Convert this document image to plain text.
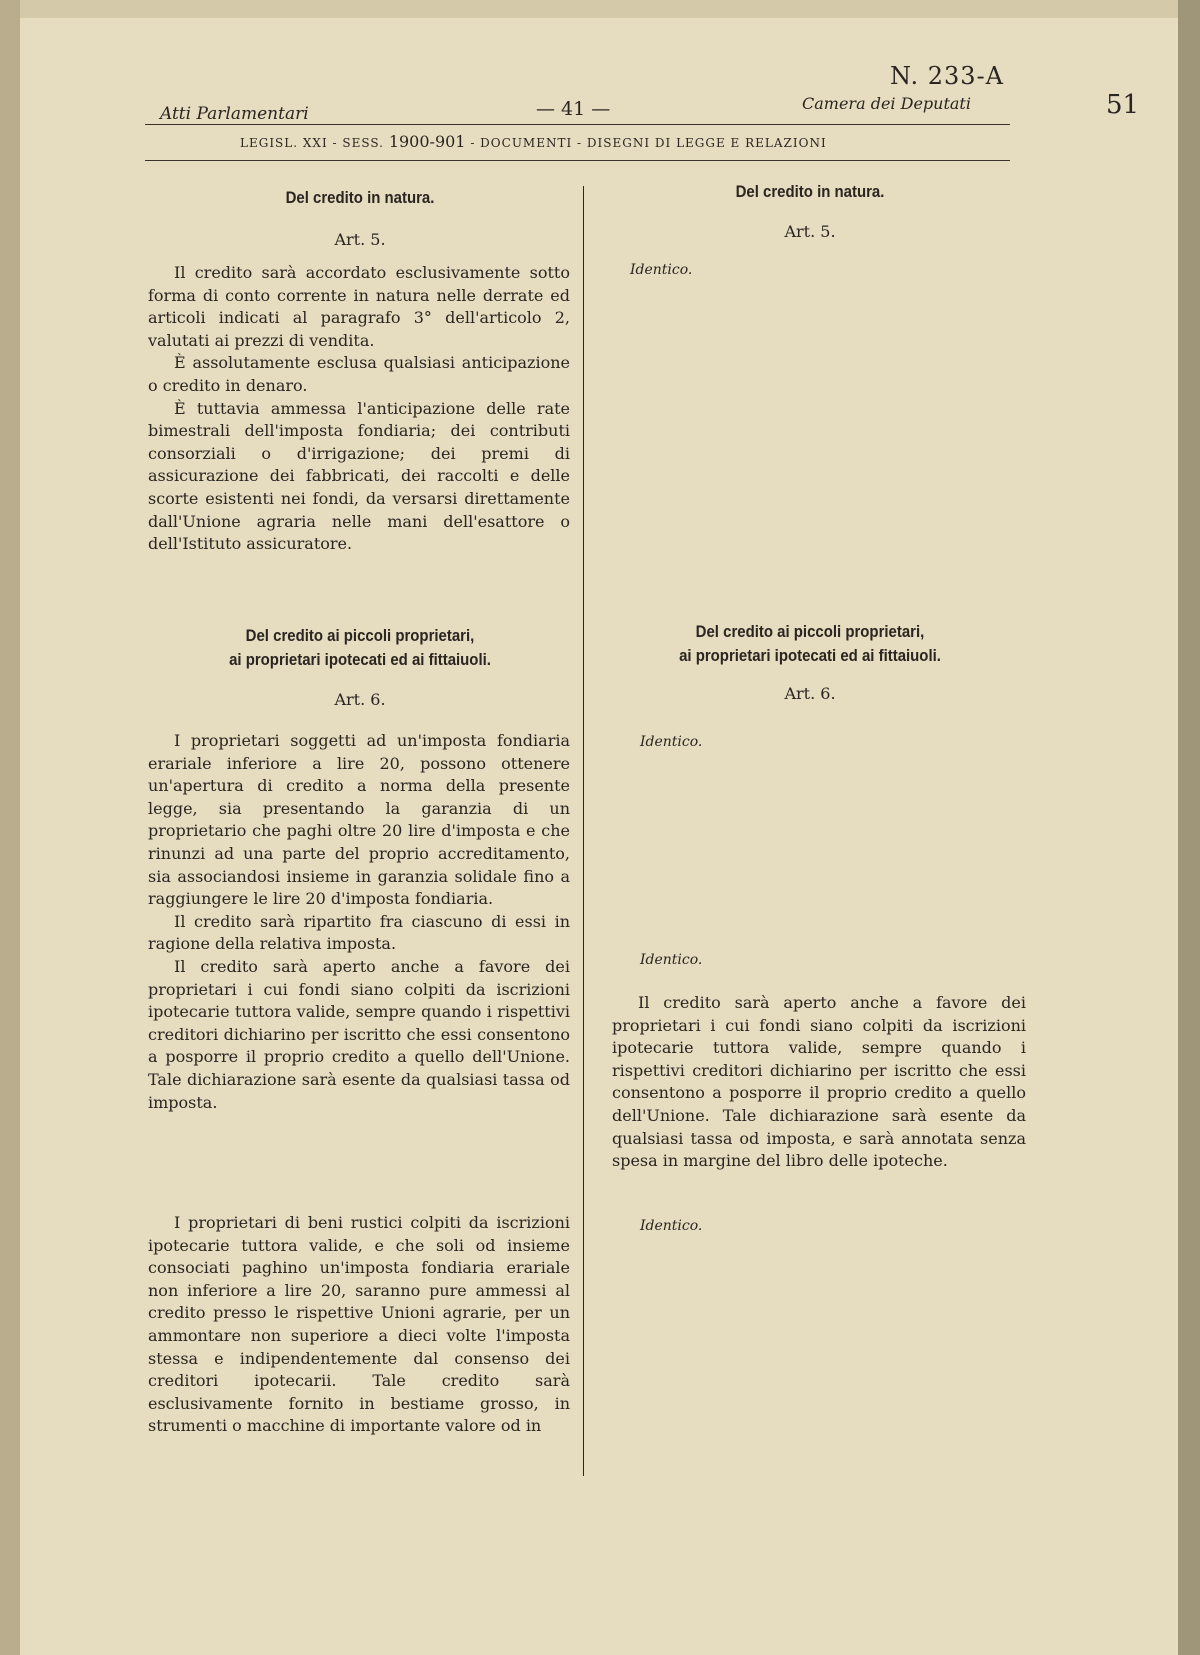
N. 233-A
51
Atti Parlamentari	— 41 —	Camera dei Deputati
LEGISL. XXI - SESS. 1900-901 - DOCUMENTI - DISEGNI DI LEGGE E RELAZIONI
Del credito in natura.
Art. 5.

Il credito sarà accordato esclusivamente sotto forma di conto corrente in natura nelle derrate ed articoli indicati al paragrafo 3° dell'articolo 2, valutati ai prezzi di vendita.

È assolutamente esclusa qualsiasi anticipazione o credito in denaro.

È tuttavia ammessa l'anticipazione delle rate bimestrali dell'imposta fondiaria; dei contributi consorziali o d'irrigazione; dei premi di assicurazione dei fabbricati, dei raccolti e delle scorte esistenti nei fondi, da versarsi direttamente dall'Unione agraria nelle mani dell'esattore o dell'Istituto assicuratore.

Del credito ai piccoli proprietari,
ai proprietari ipotecati ed ai fittaiuoli.
Art. 6.

I proprietari soggetti ad un'imposta fondiaria erariale inferiore a lire 20, possono ottenere un'apertura di credito a norma della presente legge, sia presentando la garanzia di un proprietario che paghi oltre 20 lire d'imposta e che rinunzi ad una parte del proprio accreditamento, sia associandosi insieme in garanzia solidale fino a raggiungere le lire 20 d'imposta fondiaria.

Il credito sarà ripartito fra ciascuno di essi in ragione della relativa imposta.

Il credito sarà aperto anche a favore dei proprietari i cui fondi siano colpiti da iscrizioni ipotecarie tuttora valide, sempre quando i rispettivi creditori dichiarino per iscritto che essi consentono a posporre il proprio credito a quello dell'Unione. Tale dichiarazione sarà esente da qualsiasi tassa od imposta.

I proprietari di beni rustici colpiti da iscrizioni ipotecarie tuttora valide, e che soli od insieme consociati paghino un'imposta fondiaria erariale non inferiore a lire 20, saranno pure ammessi al credito presso le rispettive Unioni agrarie, per un ammontare non superiore a dieci volte l'imposta stessa e indipendentemente dal consenso dei creditori ipotecarii. Tale credito sarà esclusivamente fornito in bestiame grosso, in strumenti o macchine di importante valore od in

Del credito in natura.
Art. 5.
Identico.
Del credito ai piccoli proprietari,
ai proprietari ipotecati ed ai fittaiuoli.
Art. 6.
Identico.
Identico.

Il credito sarà aperto anche a favore dei proprietari i cui fondi siano colpiti da iscrizioni ipotecarie tuttora valide, sempre quando i rispettivi creditori dichiarino per iscritto che essi consentono a posporre il proprio credito a quello dell'Unione. Tale dichiarazione sarà esente da qualsiasi tassa od imposta, e sarà annotata senza spesa in margine del libro delle ipoteche.

Identico.
